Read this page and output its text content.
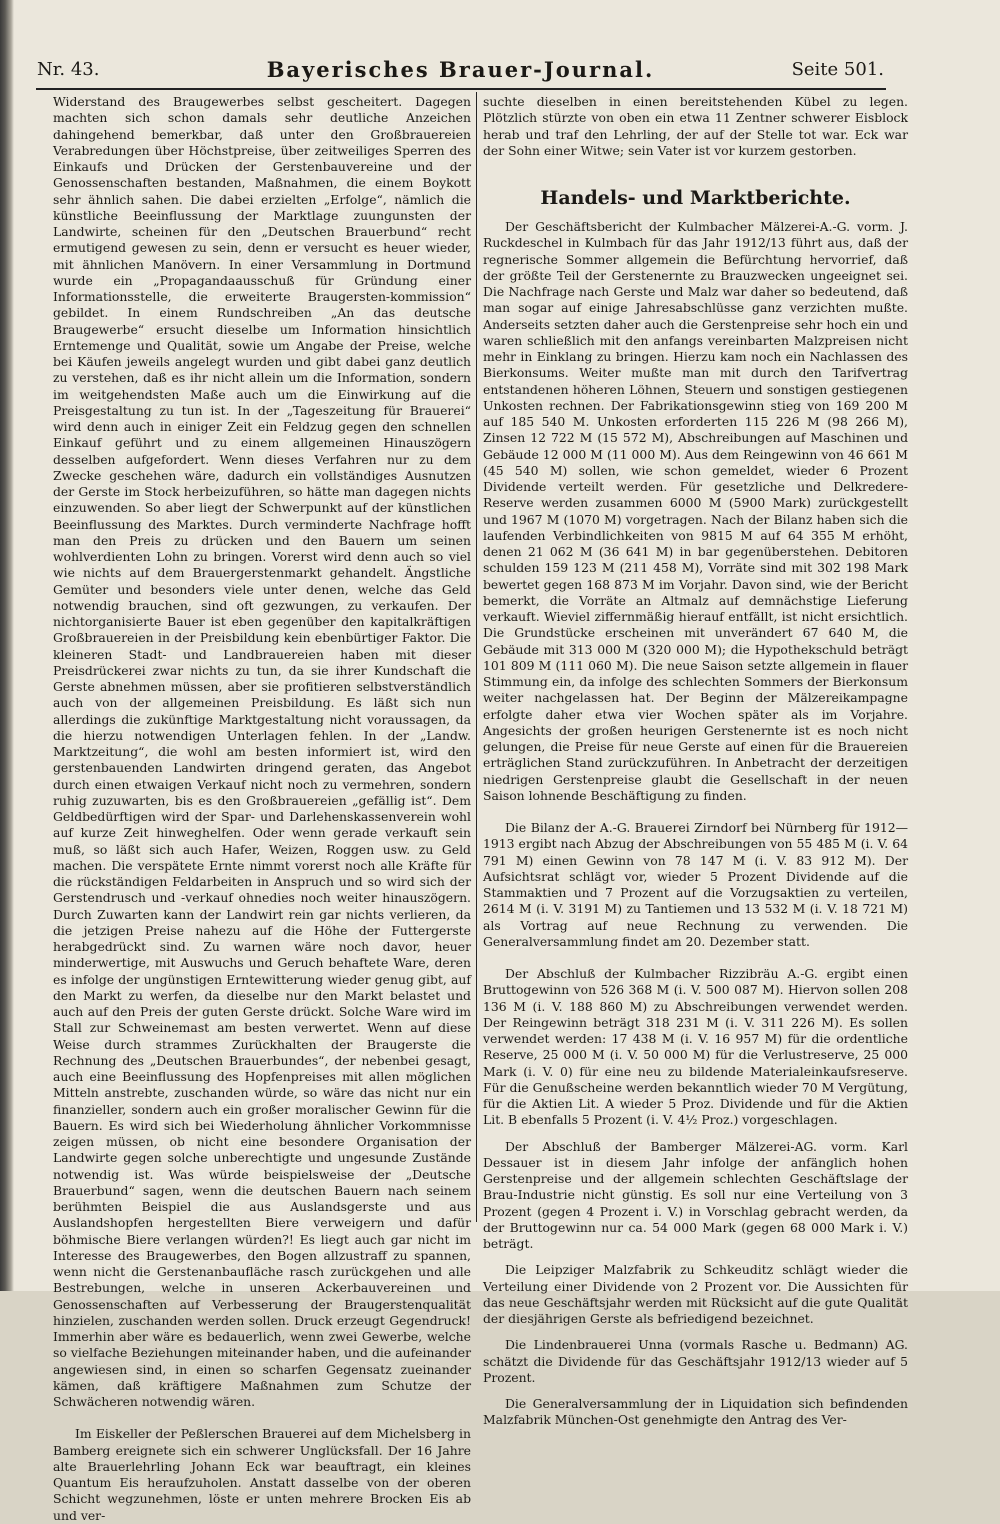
Nr. 43.	Bayerisches Brauer-Journal.	Seite 501.

Widerstand des Braugewerbes selbst gescheitert. Dagegen machten sich schon damals sehr deutliche Anzeichen dahingehend bemerkbar, daß unter den Großbrauereien Verabredungen über Höchstpreise, über zeitweiliges Sperren des Einkaufs und Drücken der Gerstenbauvereine und der Genossenschaften bestanden, Maßnahmen, die einem Boykott sehr ähnlich sahen. Die dabei erzielten „Erfolge“, nämlich die künstliche Beeinflussung der Marktlage zuungunsten der Landwirte, scheinen für den „Deutschen Brauerbund“ recht ermutigend gewesen zu sein, denn er versucht es heuer wieder, mit ähnlichen Manövern. In einer Versammlung in Dortmund wurde ein „Propagandaausschuß für Gründung einer Informationsstelle, die erweiterte Braugersten-kommission“ gebildet. In einem Rundschreiben „An das deutsche Braugewerbe“ ersucht dieselbe um Information hinsichtlich Erntemenge und Qualität, sowie um Angabe der Preise, welche bei Käufen jeweils angelegt wurden und gibt dabei ganz deutlich zu verstehen, daß es ihr nicht allein um die Information, sondern im weitgehendsten Maße auch um die Einwirkung auf die Preisgestaltung zu tun ist. In der „Tageszeitung für Brauerei“ wird denn auch in einiger Zeit ein Feldzug gegen den schnellen Einkauf geführt und zu einem allgemeinen Hinauszögern desselben aufgefordert. Wenn dieses Verfahren nur zu dem Zwecke geschehen wäre, dadurch ein vollständiges Ausnutzen der Gerste im Stock herbeizuführen, so hätte man dagegen nichts einzuwenden. So aber liegt der Schwerpunkt auf der künstlichen Beeinflussung des Marktes. Durch verminderte Nachfrage hofft man den Preis zu drücken und den Bauern um seinen wohlverdienten Lohn zu bringen. Vorerst wird denn auch so viel wie nichts auf dem Brauergerstenmarkt gehandelt. Ängstliche Gemüter und besonders viele unter denen, welche das Geld notwendig brauchen, sind oft gezwungen, zu verkaufen. Der nichtorganisierte Bauer ist eben gegenüber den kapitalkräftigen Großbrauereien in der Preisbildung kein ebenbürtiger Faktor. Die kleineren Stadt- und Landbrauereien haben mit dieser Preisdrückerei zwar nichts zu tun, da sie ihrer Kundschaft die Gerste abnehmen müssen, aber sie profitieren selbstverständlich auch von der allgemeinen Preisbildung. Es läßt sich nun allerdings die zukünftige Marktgestaltung nicht voraussagen, da die hierzu notwendigen Unterlagen fehlen. In der „Landw. Marktzeitung“, die wohl am besten informiert ist, wird den gerstenbauenden Landwirten dringend geraten, das Angebot durch einen etwaigen Verkauf nicht noch zu vermehren, sondern ruhig zuzuwarten, bis es den Großbrauereien „gefällig ist“. Dem Geldbedürftigen wird der Spar- und Darlehenskassenverein wohl auf kurze Zeit hinweghelfen. Oder wenn gerade verkauft sein muß, so läßt sich auch Hafer, Weizen, Roggen usw. zu Geld machen. Die verspätete Ernte nimmt vorerst noch alle Kräfte für die rückständigen Feldarbeiten in Anspruch und so wird sich der Gerstendrusch und -verkauf ohnedies noch weiter hinauszögern. Durch Zuwarten kann der Landwirt rein gar nichts verlieren, da die jetzigen Preise nahezu auf die Höhe der Futtergerste herabgedrückt sind. Zu warnen wäre noch davor, heuer minderwertige, mit Auswuchs und Geruch behaftete Ware, deren es infolge der ungünstigen Erntewitterung wieder genug gibt, auf den Markt zu werfen, da dieselbe nur den Markt belastet und auch auf den Preis der guten Gerste drückt. Solche Ware wird im Stall zur Schweinemast am besten verwertet. Wenn auf diese Weise durch strammes Zurückhalten der Braugerste die Rechnung des „Deutschen Brauerbundes“, der nebenbei gesagt, auch eine Beeinflussung des Hopfenpreises mit allen möglichen Mitteln anstrebte, zuschanden würde, so wäre das nicht nur ein finanzieller, sondern auch ein großer moralischer Gewinn für die Bauern. Es wird sich bei Wiederholung ähnlicher Vorkommnisse zeigen müssen, ob nicht eine besondere Organisation der Landwirte gegen solche unberechtigte und ungesunde Zustände notwendig ist. Was würde beispielsweise der „Deutsche Brauerbund“ sagen, wenn die deutschen Bauern nach seinem berühmten Beispiel die aus Auslandsgerste und aus Auslandshopfen hergestellten Biere verweigern und dafür böhmische Biere verlangen würden?! Es liegt auch gar nicht im Interesse des Braugewerbes, den Bogen allzustraff zu spannen, wenn nicht die Gerstenanbaufläche rasch zurückgehen und alle Bestrebungen, welche in unseren Ackerbauvereinen und Genossenschaften auf Verbesserung der Braugerstenqualität hinzielen, zuschanden werden sollen. Druck erzeugt Gegendruck! Immerhin aber wäre es bedauerlich, wenn zwei Gewerbe, welche so vielfache Beziehungen miteinander haben, und die aufeinander angewiesen sind, in einen so scharfen Gegensatz zueinander kämen, daß kräftigere Maßnahmen zum Schutze der Schwächeren notwendig wären.

Im Eiskeller der Peßlerschen Brauerei auf dem Michelsberg in Bamberg ereignete sich ein schwerer Unglücksfall. Der 16 Jahre alte Brauerlehrling Johann Eck war beauftragt, ein kleines Quantum Eis heraufzuholen. Anstatt dasselbe von der oberen Schicht wegzunehmen, löste er unten mehrere Brocken Eis ab und ver-

suchte dieselben in einen bereitstehenden Kübel zu legen. Plötzlich stürzte von oben ein etwa 11 Zentner schwerer Eisblock herab und traf den Lehrling, der auf der Stelle tot war. Eck war der Sohn einer Witwe; sein Vater ist vor kurzem gestorben.

Handels- und Marktberichte.

Der Geschäftsbericht der Kulmbacher Mälzerei-A.-G. vorm. J. Ruckdeschel in Kulmbach für das Jahr 1912/13 führt aus, daß der regnerische Sommer allgemein die Befürchtung hervorrief, daß der größte Teil der Gerstenernte zu Brauzwecken ungeeignet sei. Die Nachfrage nach Gerste und Malz war daher so bedeutend, daß man sogar auf einige Jahresabschlüsse ganz verzichten mußte. Anderseits setzten daher auch die Gerstenpreise sehr hoch ein und waren schließlich mit den anfangs vereinbarten Malzpreisen nicht mehr in Einklang zu bringen. Hierzu kam noch ein Nachlassen des Bierkonsums. Weiter mußte man mit durch den Tarifvertrag entstandenen höheren Löhnen, Steuern und sonstigen gestiegenen Unkosten rechnen. Der Fabrikationsgewinn stieg von 169 200 M auf 185 540 M. Unkosten erforderten 115 226 M (98 266 M), Zinsen 12 722 M (15 572 M), Abschreibungen auf Maschinen und Gebäude 12 000 M (11 000 M). Aus dem Reingewinn von 46 661 M (45 540 M) sollen, wie schon gemeldet, wieder 6 Prozent Dividende verteilt werden. Für gesetzliche und Delkredere-Reserve werden zusammen 6000 M (5900 Mark) zurückgestellt und 1967 M (1070 M) vorgetragen. Nach der Bilanz haben sich die laufenden Verbindlichkeiten von 9815 M auf 64 355 M erhöht, denen 21 062 M (36 641 M) in bar gegenüberstehen. Debitoren schulden 159 123 M (211 458 M), Vorräte sind mit 302 198 Mark bewertet gegen 168 873 M im Vorjahr. Davon sind, wie der Bericht bemerkt, die Vorräte an Altmalz auf demnächstige Lieferung verkauft. Wieviel ziffernmäßig hierauf entfällt, ist nicht ersichtlich. Die Grundstücke erscheinen mit unverändert 67 640 M, die Gebäude mit 313 000 M (320 000 M); die Hypothekschuld beträgt 101 809 M (111 060 M). Die neue Saison setzte allgemein in flauer Stimmung ein, da infolge des schlechten Sommers der Bierkonsum weiter nachgelassen hat. Der Beginn der Mälzereikampagne erfolgte daher etwa vier Wochen später als im Vorjahre. Angesichts der großen heurigen Gerstenernte ist es noch nicht gelungen, die Preise für neue Gerste auf einen für die Brauereien erträglichen Stand zurückzuführen. In Anbetracht der derzeitigen niedrigen Gerstenpreise glaubt die Gesellschaft in der neuen Saison lohnende Beschäftigung zu finden.

Die Bilanz der A.-G. Brauerei Zirndorf bei Nürnberg für 1912—1913 ergibt nach Abzug der Abschreibungen von 55 485 M (i. V. 64 791 M) einen Gewinn von 78 147 M (i. V. 83 912 M). Der Aufsichtsrat schlägt vor, wieder 5 Prozent Dividende auf die Stammaktien und 7 Prozent auf die Vorzugsaktien zu verteilen, 2614 M (i. V. 3191 M) zu Tantiemen und 13 532 M (i. V. 18 721 M) als Vortrag auf neue Rechnung zu verwenden. Die Generalversammlung findet am 20. Dezember statt.

Der Abschluß der Kulmbacher Rizzibräu A.-G. ergibt einen Bruttogewinn von 526 368 M (i. V. 500 087 M). Hiervon sollen 208 136 M (i. V. 188 860 M) zu Abschreibungen verwendet werden. Der Reingewinn beträgt 318 231 M (i. V. 311 226 M). Es sollen verwendet werden: 17 438 M (i. V. 16 957 M) für die ordentliche Reserve, 25 000 M (i. V. 50 000 M) für die Verlustreserve, 25 000 Mark (i. V. 0) für eine neu zu bildende Materialeinkaufsreserve. Für die Genußscheine werden bekanntlich wieder 70 M Vergütung, für die Aktien Lit. A wieder 5 Proz. Dividende und für die Aktien Lit. B ebenfalls 5 Prozent (i. V. 4½ Proz.) vorgeschlagen.

Der Abschluß der Bamberger Mälzerei-AG. vorm. Karl Dessauer ist in diesem Jahr infolge der anfänglich hohen Gerstenpreise und der allgemein schlechten Geschäftslage der Brau-Industrie nicht günstig. Es soll nur eine Verteilung von 3 Prozent (gegen 4 Prozent i. V.) in Vorschlag gebracht werden, da der Bruttogewinn nur ca. 54 000 Mark (gegen 68 000 Mark i. V.) beträgt.

Die Leipziger Malzfabrik zu Schkeuditz schlägt wieder die Verteilung einer Dividende von 2 Prozent vor. Die Aussichten für das neue Geschäftsjahr werden mit Rücksicht auf die gute Qualität der diesjährigen Gerste als befriedigend bezeichnet.

Die Lindenbrauerei Unna (vormals Rasche u. Bedmann) AG. schätzt die Dividende für das Geschäftsjahr 1912/13 wieder auf 5 Prozent.

Die Generalversammlung der in Liquidation sich befindenden Malzfabrik München-Ost genehmigte den Antrag des Ver-
